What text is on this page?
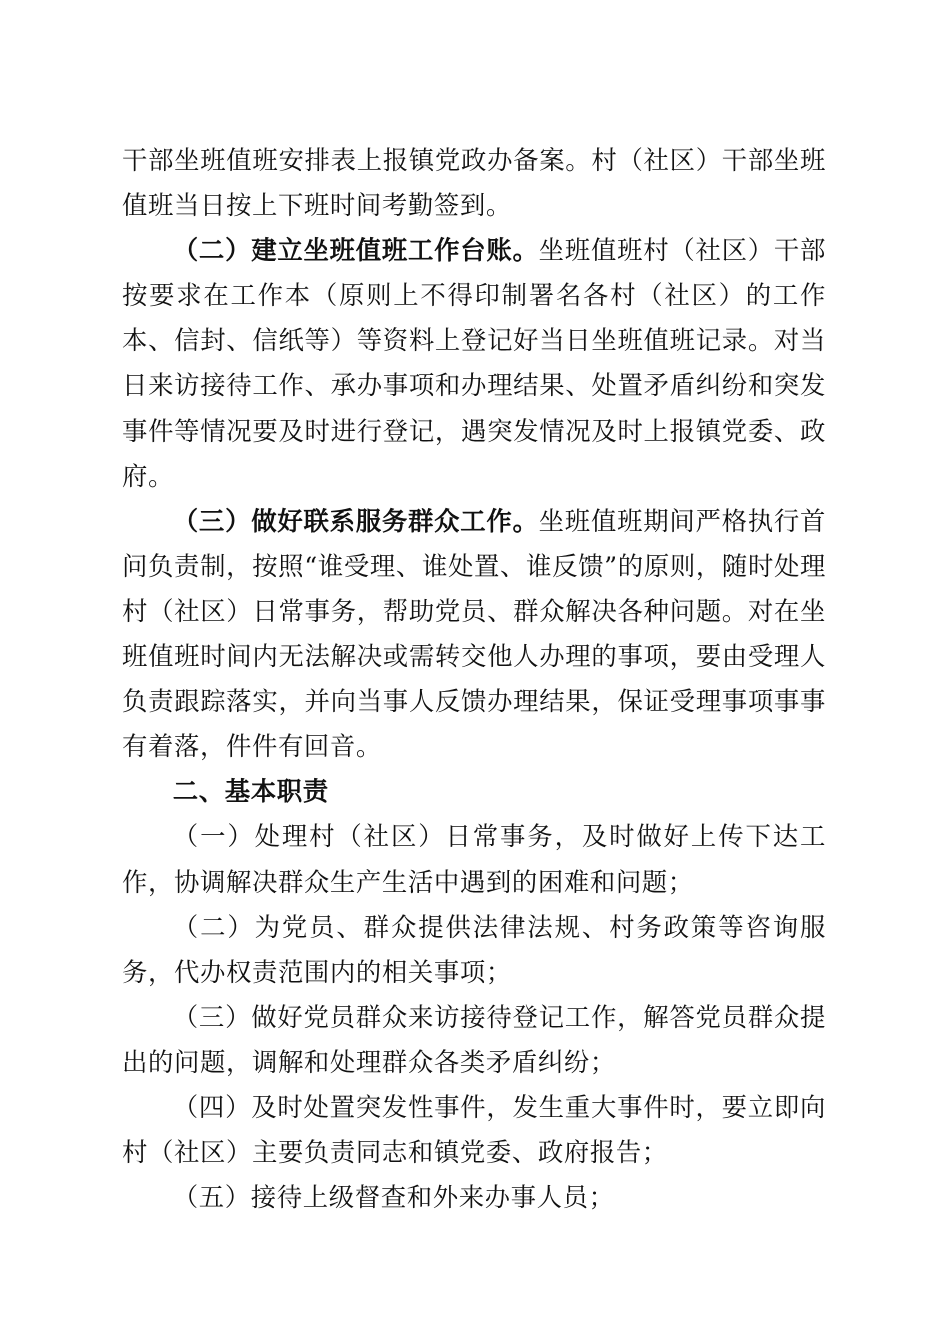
干部坐班值班安排表上报镇党政办备案。村（社区）干部坐班值班当日按上下班时间考勤签到。

（二）建立坐班值班工作台账。坐班值班村（社区）干部按要求在工作本（原则上不得印制署名各村（社区）的工作本、信封、信纸等）等资料上登记好当日坐班值班记录。对当日来访接待工作、承办事项和办理结果、处置矛盾纠纷和突发事件等情况要及时进行登记，遇突发情况及时上报镇党委、政府。

（三）做好联系服务群众工作。坐班值班期间严格执行首问负责制，按照“谁受理、谁处置、谁反馈”的原则，随时处理村（社区）日常事务，帮助党员、群众解决各种问题。对在坐班值班时间内无法解决或需转交他人办理的事项，要由受理人负责跟踪落实，并向当事人反馈办理结果，保证受理事项事事有着落，件件有回音。

二、基本职责

（一）处理村（社区）日常事务，及时做好上传下达工作，协调解决群众生产生活中遇到的困难和问题；

（二）为党员、群众提供法律法规、村务政策等咨询服务，代办权责范围内的相关事项；

（三）做好党员群众来访接待登记工作，解答党员群众提出的问题，调解和处理群众各类矛盾纠纷；

（四）及时处置突发性事件，发生重大事件时，要立即向村（社区）主要负责同志和镇党委、政府报告；

（五）接待上级督查和外来办事人员；
